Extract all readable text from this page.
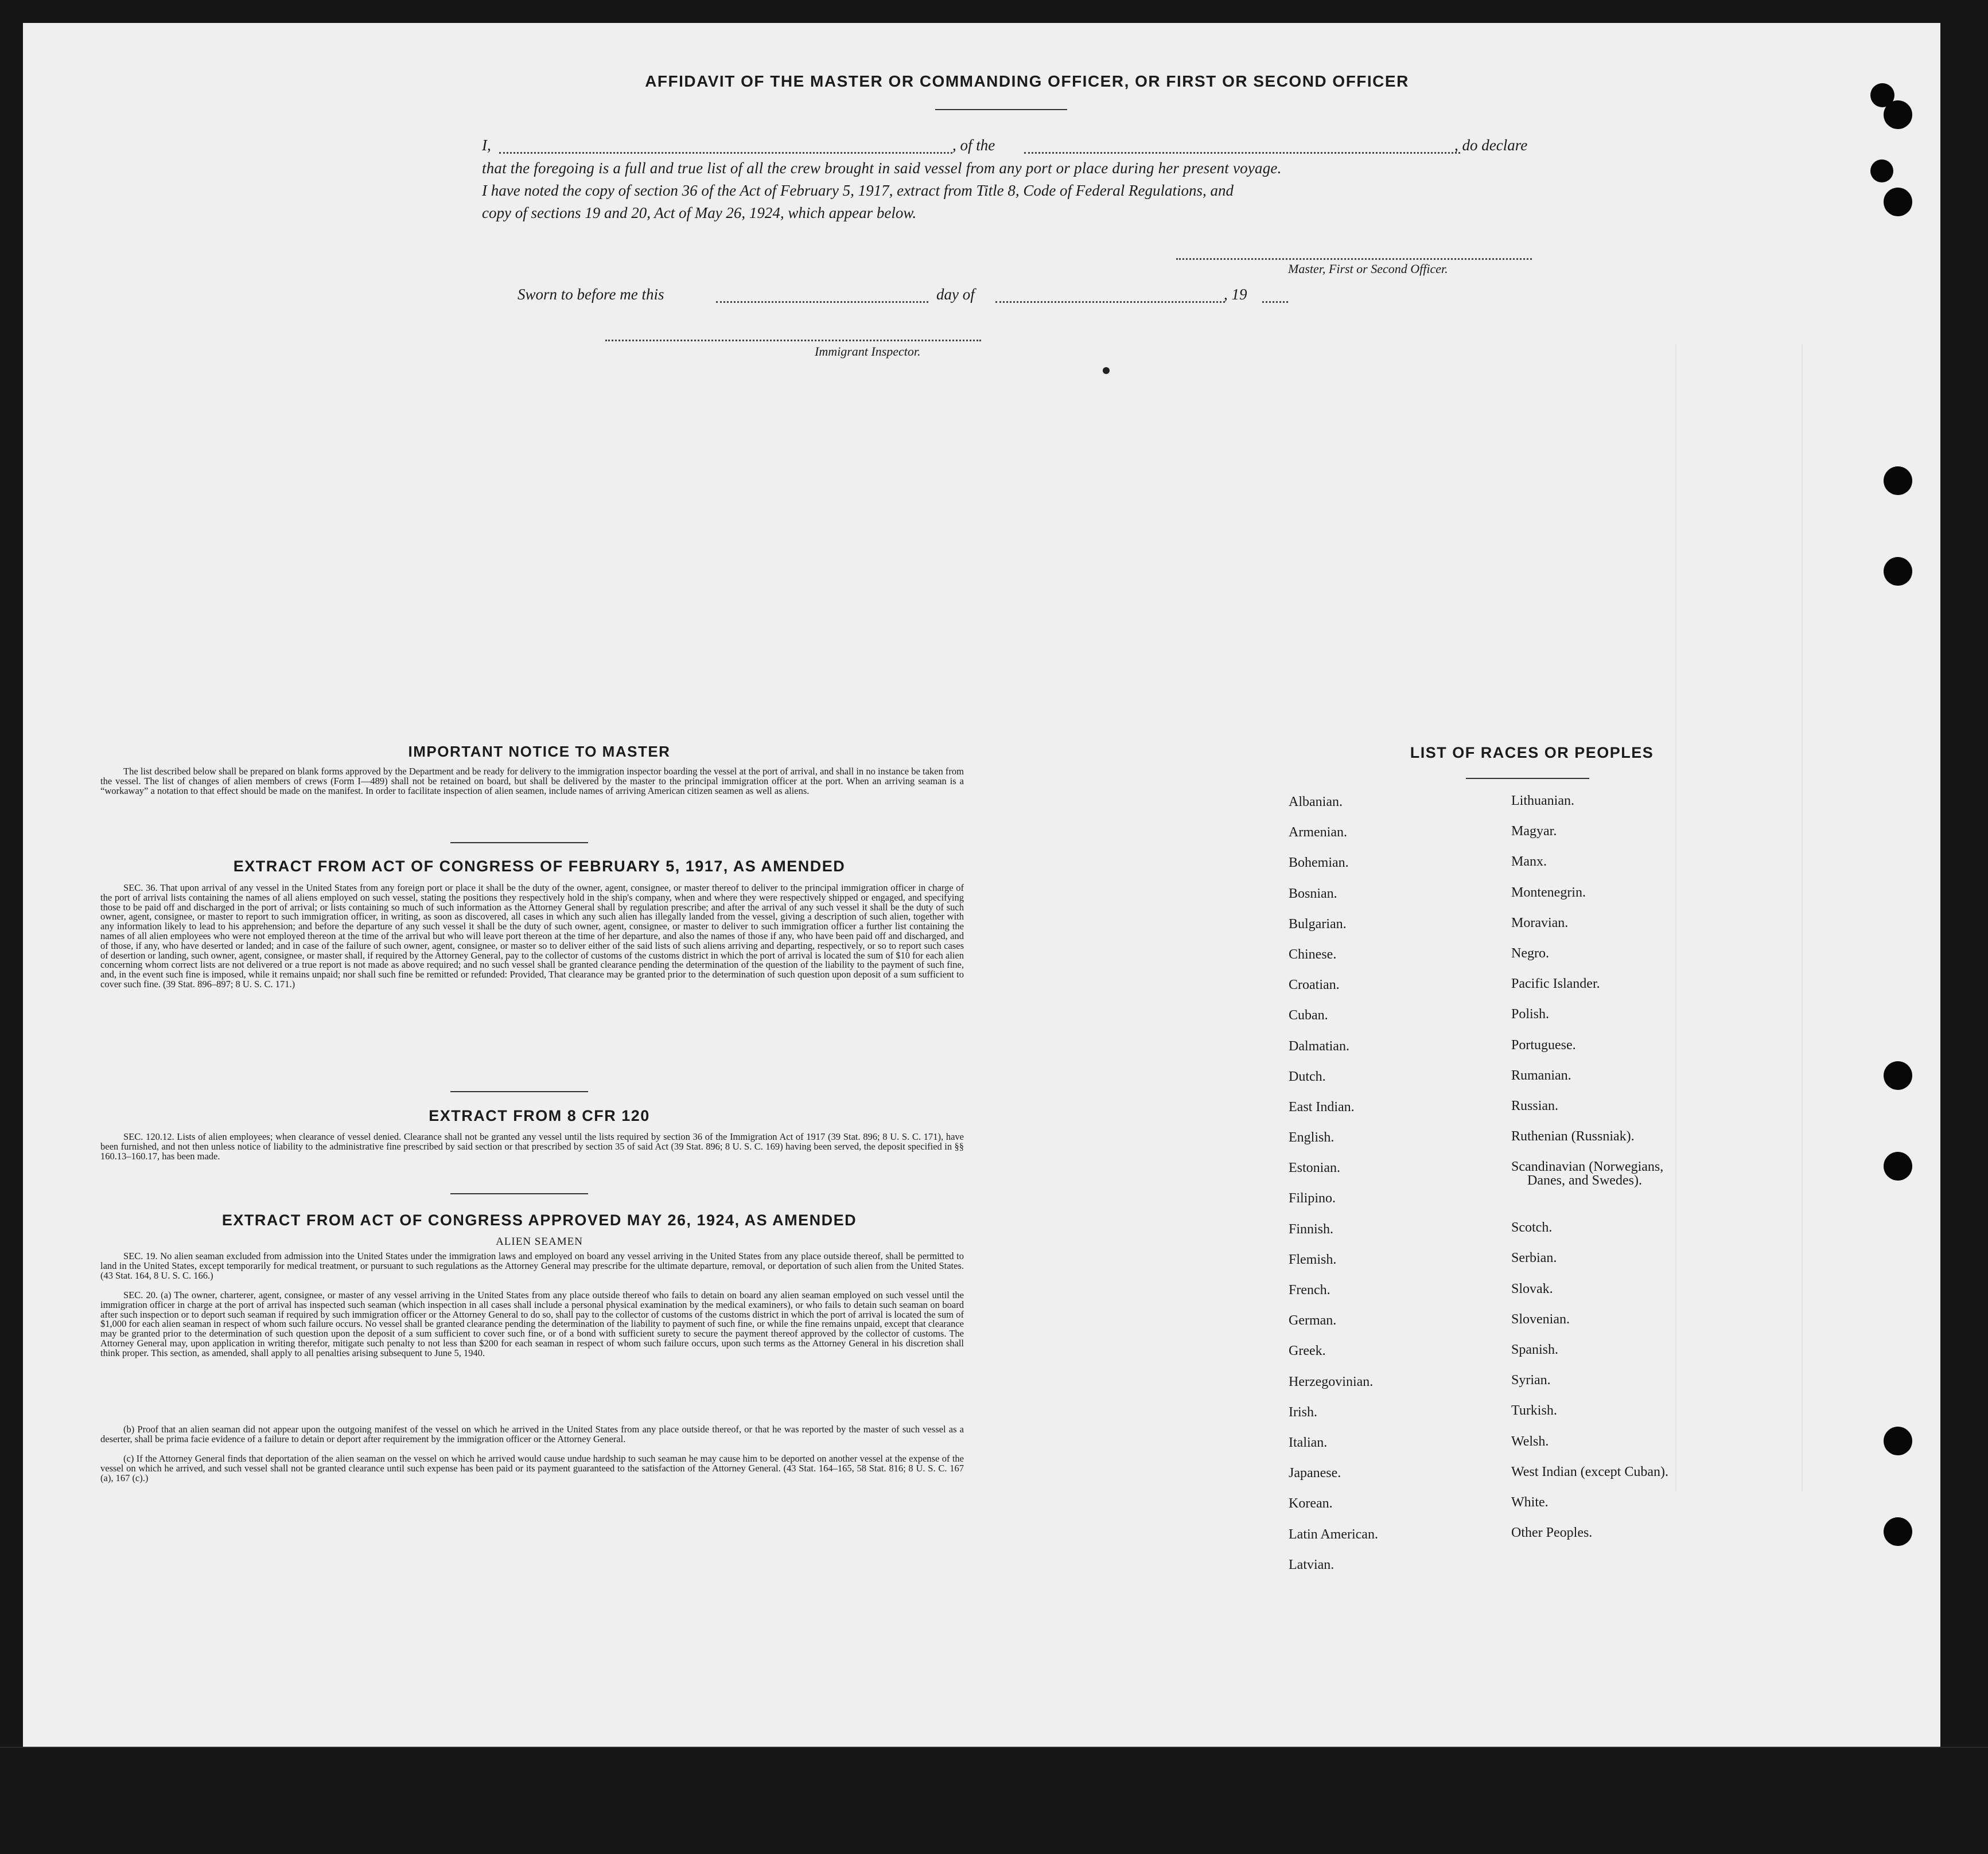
AFFIDAVIT OF THE MASTER OR COMMANDING OFFICER, OR FIRST OR SECOND OFFICER
I,	, of the	, do declare
that the foregoing is a full and true list of all the crew brought in said vessel from any port or place during her present voyage.
I have noted the copy of section 36 of the Act of February 5, 1917, extract from Title 8, Code of Federal Regulations, and
copy of sections 19 and 20, Act of May 26, 1924, which appear below.
Master, First or Second Officer.
Sworn to before me this	day of	, 19
Immigrant Inspector.
IMPORTANT NOTICE TO MASTER
The list described below shall be prepared on blank forms approved by the Department and be ready for delivery to the immigration inspector boarding the vessel at the port of arrival, and shall in no instance be taken from the vessel. The list of changes of alien members of crews (Form I—489) shall not be retained on board, but shall be delivered by the master to the principal immigration officer at the port. When an arriving seaman is a “workaway” a notation to that effect should be made on the manifest. In order to facilitate inspection of alien seamen, include names of arriving American citizen seamen as well as aliens.
EXTRACT FROM ACT OF CONGRESS OF FEBRUARY 5, 1917, AS AMENDED
SEC. 36. That upon arrival of any vessel in the United States from any foreign port or place it shall be the duty of the owner, agent, consignee, or master thereof to deliver to the principal immigration officer in charge of the port of arrival lists containing the names of all aliens employed on such vessel, stating the positions they respectively hold in the ship's company, when and where they were respectively shipped or engaged, and specifying those to be paid off and discharged in the port of arrival; or lists containing so much of such information as the Attorney General shall by regulation prescribe; and after the arrival of any such vessel it shall be the duty of such owner, agent, consignee, or master to report to such immigration officer, in writing, as soon as discovered, all cases in which any such alien has illegally landed from the vessel, giving a description of such alien, together with any information likely to lead to his apprehension; and before the departure of any such vessel it shall be the duty of such owner, agent, consignee, or master to deliver to such immigration officer a further list containing the names of all alien employees who were not employed thereon at the time of the arrival but who will leave port thereon at the time of her departure, and also the names of those if any, who have been paid off and discharged, and of those, if any, who have deserted or landed; and in case of the failure of such owner, agent, consignee, or master so to deliver either of the said lists of such aliens arriving and departing, respectively, or so to report such cases of desertion or landing, such owner, agent, consignee, or master shall, if required by the Attorney General, pay to the collector of customs of the customs district in which the port of arrival is located the sum of $10 for each alien concerning whom correct lists are not delivered or a true report is not made as above required; and no such vessel shall be granted clearance pending the determination of the question of the liability to the payment of such fine, and, in the event such fine is imposed, while it remains unpaid; nor shall such fine be remitted or refunded: Provided, That clearance may be granted prior to the determination of such question upon deposit of a sum sufficient to cover such fine. (39 Stat. 896–897; 8 U. S. C. 171.)
EXTRACT FROM 8 CFR 120
SEC. 120.12. Lists of alien employees; when clearance of vessel denied. Clearance shall not be granted any vessel until the lists required by section 36 of the Immigration Act of 1917 (39 Stat. 896; 8 U. S. C. 171), have been furnished, and not then unless notice of liability to the administrative fine prescribed by said section or that prescribed by section 35 of said Act (39 Stat. 896; 8 U. S. C. 169) having been served, the deposit specified in §§ 160.13–160.17, has been made.
EXTRACT FROM ACT OF CONGRESS APPROVED MAY 26, 1924, AS AMENDED
ALIEN SEAMEN
SEC. 19. No alien seaman excluded from admission into the United States under the immigration laws and employed on board any vessel arriving in the United States from any place outside thereof, shall be permitted to land in the United States, except temporarily for medical treatment, or pursuant to such regulations as the Attorney General may prescribe for the ultimate departure, removal, or deportation of such alien from the United States. (43 Stat. 164, 8 U. S. C. 166.)
SEC. 20. (a) The owner, charterer, agent, consignee, or master of any vessel arriving in the United States from any place outside thereof who fails to detain on board any alien seaman employed on such vessel until the immigration officer in charge at the port of arrival has inspected such seaman (which inspection in all cases shall include a personal physical examination by the medical examiners), or who fails to detain such seaman on board after such inspection or to deport such seaman if required by such immigration officer or the Attorney General to do so, shall pay to the collector of customs of the customs district in which the port of arrival is located the sum of $1,000 for each alien seaman in respect of whom such failure occurs. No vessel shall be granted clearance pending the determination of the liability to payment of such fine, or while the fine remains unpaid, except that clearance may be granted prior to the determination of such question upon the deposit of a sum sufficient to cover such fine, or of a bond with sufficient surety to secure the payment thereof approved by the collector of customs. The Attorney General may, upon application in writing therefor, mitigate such penalty to not less than $200 for each seaman in respect of whom such failure occurs, upon such terms as the Attorney General in his discretion shall think proper. This section, as amended, shall apply to all penalties arising subsequent to June 5, 1940.
(b) Proof that an alien seaman did not appear upon the outgoing manifest of the vessel on which he arrived in the United States from any place outside thereof, or that he was reported by the master of such vessel as a deserter, shall be prima facie evidence of a failure to detain or deport after requirement by the immigration officer or the Attorney General.
(c) If the Attorney General finds that deportation of the alien seaman on the vessel on which he arrived would cause undue hardship to such seaman he may cause him to be deported on another vessel at the expense of the vessel on which he arrived, and such vessel shall not be granted clearance until such expense has been paid or its payment guaranteed to the satisfaction of the Attorney General. (43 Stat. 164–165, 58 Stat. 816; 8 U. S. C. 167 (a), 167 (c).)
LIST OF RACES OR PEOPLES
Albanian.
Armenian.
Bohemian.
Bosnian.
Bulgarian.
Chinese.
Croatian.
Cuban.
Dalmatian.
Dutch.
East Indian.
English.
Estonian.
Filipino.
Finnish.
Flemish.
French.
German.
Greek.
Herzegovinian.
Irish.
Italian.
Japanese.
Korean.
Latin American.
Latvian.
Lithuanian.
Magyar.
Manx.
Montenegrin.
Moravian.
Negro.
Pacific Islander.
Polish.
Portuguese.
Rumanian.
Russian.
Ruthenian (Russniak).
Scandinavian (Norwegians,
Danes, and Swedes).
Scotch.
Serbian.
Slovak.
Slovenian.
Spanish.
Syrian.
Turkish.
Welsh.
West Indian (except Cuban).
White.
Other Peoples.
